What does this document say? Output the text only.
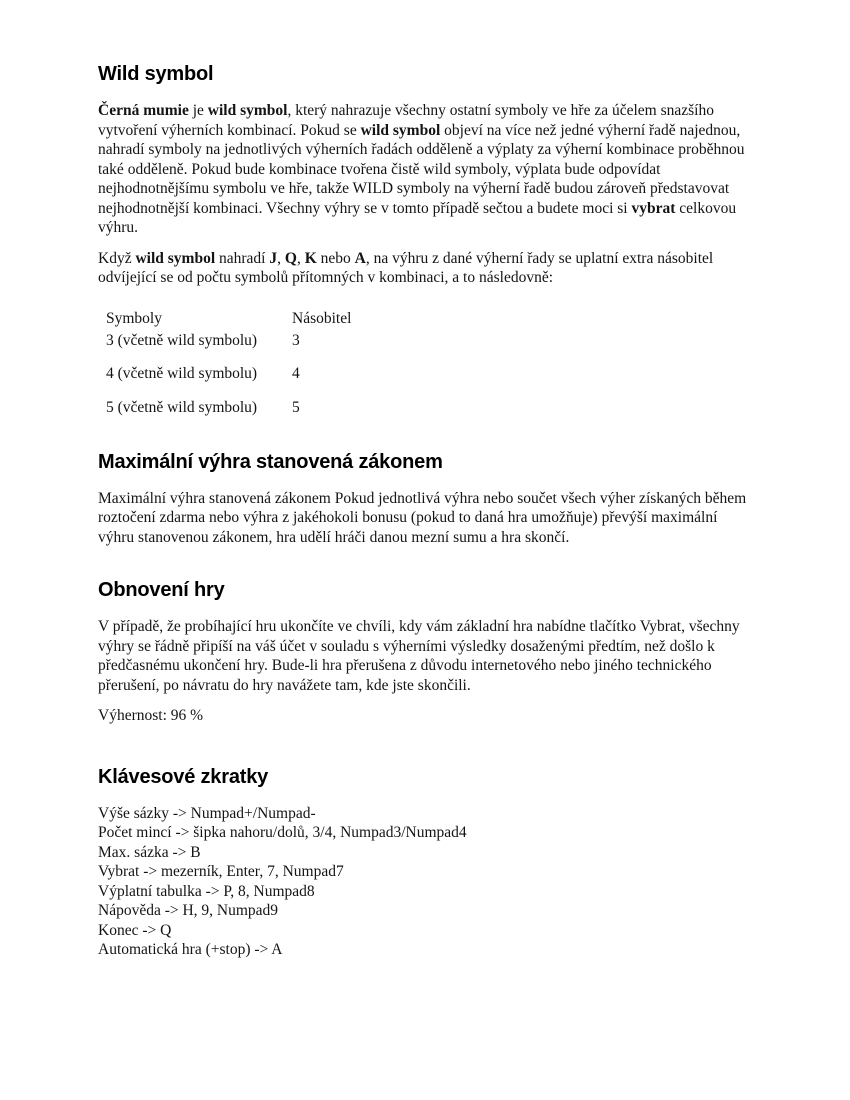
Wild symbol

Černá mumie je wild symbol, který nahrazuje všechny ostatní symboly ve hře za účelem snazšího vytvoření výherních kombinací. Pokud se wild symbol objeví na více než jedné výherní řadě najednou, nahradí symboly na jednotlivých výherních řadách odděleně a výplaty za výherní kombinace proběhnou také odděleně. Pokud bude kombinace tvořena čistě wild symboly, výplata bude odpovídat nejhodnotnějšímu symbolu ve hře, takže WILD symboly na výherní řadě budou zároveň představovat nejhodnotnější kombinaci. Všechny výhry se v tomto případě sečtou a budete moci si vybrat celkovou výhru.

Když wild symbol nahradí J, Q, K nebo A, na výhru z dané výherní řady se uplatní extra násobitel odvíjející se od počtu symbolů přítomných v kombinaci, a to následovně:

Symboly	Násobitel
3 (včetně wild symbolu)	3
4 (včetně wild symbolu)	4
5 (včetně wild symbolu)	5
Maximální výhra stanovená zákonem

Maximální výhra stanovená zákonem Pokud jednotlivá výhra nebo součet všech výher získaných během roztočení zdarma nebo výhra z jakéhokoli bonusu (pokud to daná hra umožňuje) převýší maximální výhru stanovenou zákonem, hra udělí hráči danou mezní sumu a hra skončí.

Obnovení hry

V případě, že probíhající hru ukončíte ve chvíli, kdy vám základní hra nabídne tlačítko Vybrat, všechny výhry se řádně připíší na váš účet v souladu s výherními výsledky dosaženými předtím, než došlo k předčasnému ukončení hry. Bude-li hra přerušena z důvodu internetového nebo jiného technického přerušení, po návratu do hry navážete tam, kde jste skončili.

Výhernost: 96 %

Klávesové zkratky

Výše sázky -> Numpad+/Numpad-
Počet mincí -> šipka nahoru/dolů, 3/4, Numpad3/Numpad4
Max. sázka -> B
Vybrat -> mezerník, Enter, 7, Numpad7
Výplatní tabulka -> P, 8, Numpad8
Nápověda -> H, 9, Numpad9
Konec -> Q
Automatická hra (+stop) -> A
